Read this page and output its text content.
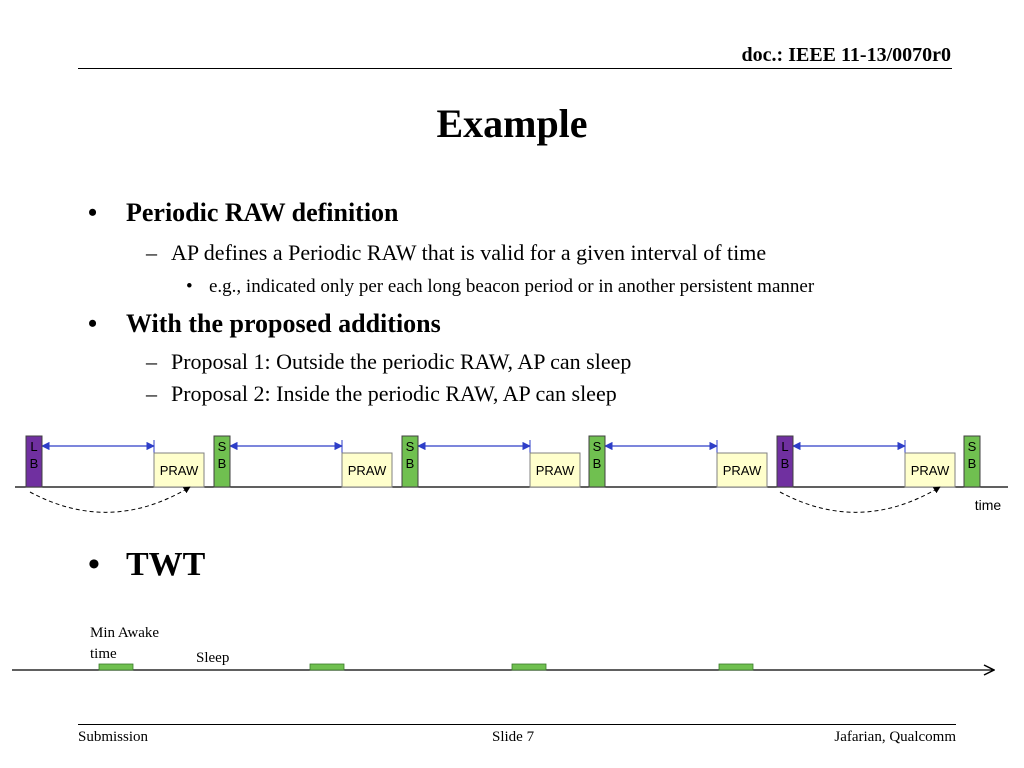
doc.: IEEE 11-13/0070r0
Example
• Periodic RAW definition
– AP defines a Periodic RAW that is valid for a given interval of time
• e.g., indicated only per each long beacon period or in another persistent manner
• With the proposed additions
– Proposal 1: Outside the periodic RAW, AP can sleep
– Proposal 2: Inside the periodic RAW, AP can sleep
• TWT
L
B	PRAW
S
B	PRAW
S
B	PRAW
S
B	PRAW
L
B	PRAW
S
B
time
Min Awake
time	Sleep
Submission	Slide 7	Jafarian, Qualcomm
